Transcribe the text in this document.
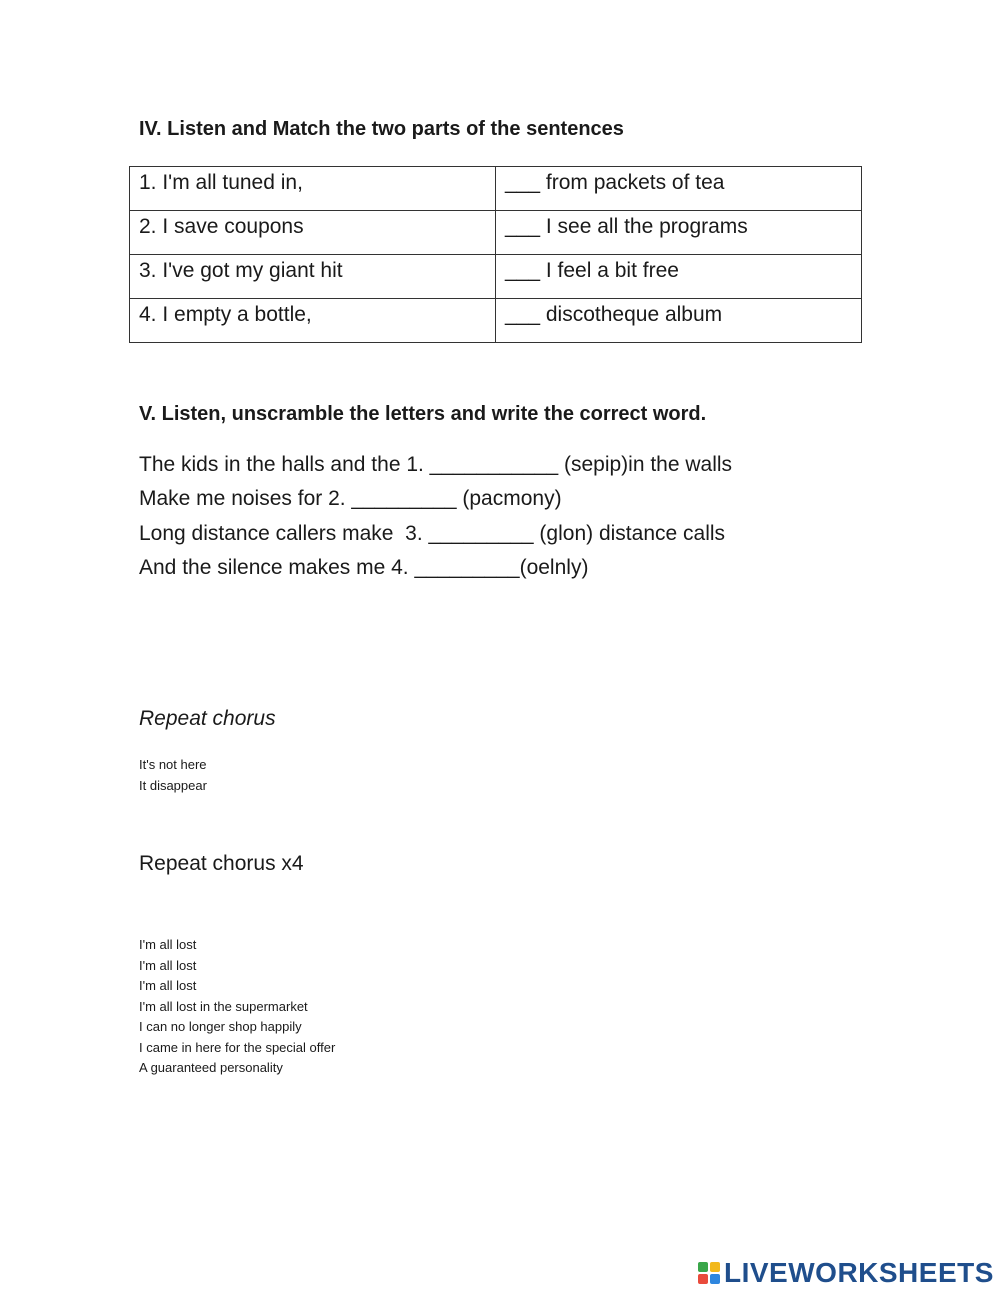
IV. Listen and Match the two parts of the sentences
1. I'm all tuned in,	___ from packets of tea
2. I save coupons	___ I see all the programs
3. I've got my giant hit	___ I feel a bit free
4. I empty a bottle,	___ discotheque album
V. Listen, unscramble the letters and write the correct word.
The kids in the halls and the 1. ___________ (sepip)in the walls
Make me noises for 2. _________ (pacmony)
Long distance callers make  3. _________ (glon) distance calls
And the silence makes me 4. _________(oelnly)
Repeat chorus
It's not here
It disappear
Repeat chorus x4
I'm all lost
I'm all lost
I'm all lost
I'm all lost in the supermarket
I can no longer shop happily
I came in here for the special offer
A guaranteed personality
LIVEWORKSHEETS
